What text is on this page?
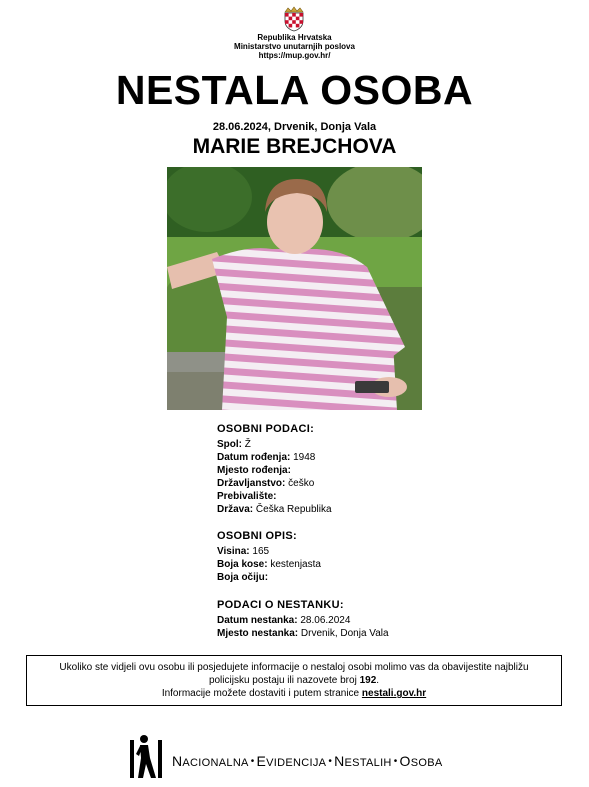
Republika Hrvatska
Ministarstvo unutarnjih poslova
https://mup.gov.hr/
NESTALA OSOBA
28.06.2024, Drvenik, Donja Vala
MARIE BREJCHOVA
OSOBNI PODACI:
Spol: Ž
Datum rođenja: 1948
Mjesto rođenja:
Državljanstvo: češko
Prebivalište:
Država: Češka Republika
OSOBNI OPIS:
Visina: 165
Boja kose: kestenjasta
Boja očiju:
PODACI O NESTANKU:
Datum nestanka: 28.06.2024
Mjesto nestanka: Drvenik, Donja Vala
Ukoliko ste vidjeli ovu osobu ili posjedujete informacije o nestaloj osobi molimo vas da obavijestite najbližu
policijsku postaju ili nazovete broj 192.
Informacije možete dostaviti i putem stranice nestali.gov.hr
NACIONALNA • EVIDENCIJA • NESTALIH • OSOBA
